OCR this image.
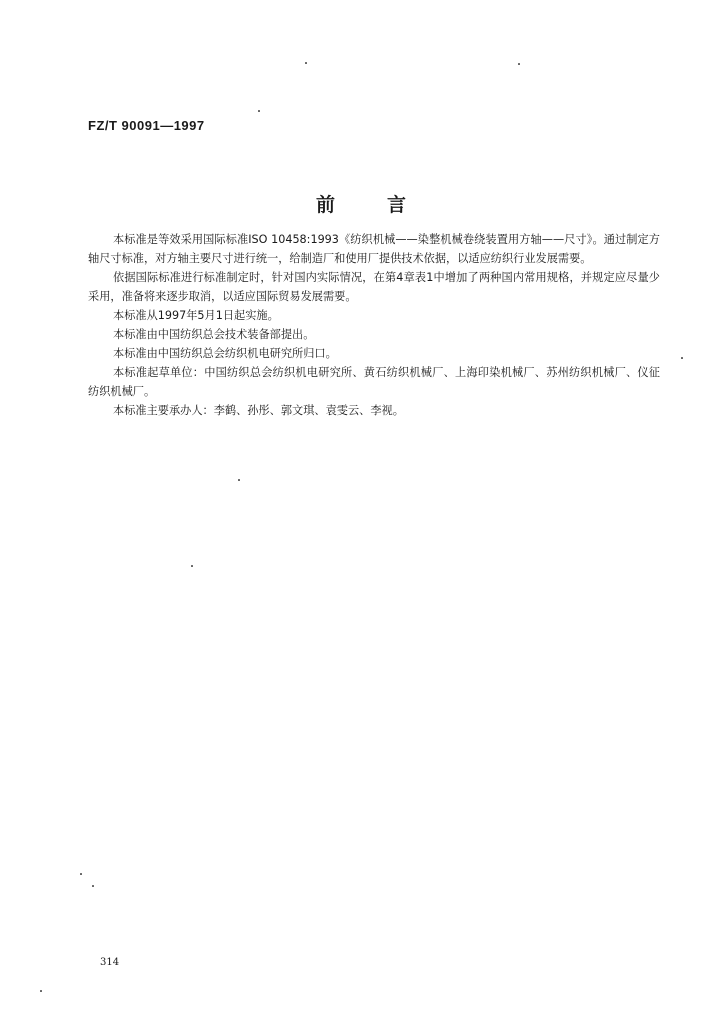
FZ/T 90091—1997
前	言

本标准是等效采用国际标准ISO 10458:1993《纺织机械——染整机械卷绕装置用方轴——尺寸》。通过制定方轴尺寸标准，对方轴主要尺寸进行统一，给制造厂和使用厂提供技术依据，以适应纺织行业发展需要。

依据国际标准进行标准制定时，针对国内实际情况，在第4章表1中增加了两种国内常用规格，并规定应尽量少采用，准备将来逐步取消，以适应国际贸易发展需要。

本标准从1997年5月1日起实施。

本标准由中国纺织总会技术装备部提出。

本标准由中国纺织总会纺织机电研究所归口。

本标准起草单位：中国纺织总会纺织机电研究所、黄石纺织机械厂、上海印染机械厂、苏州纺织机械厂、仪征纺织机械厂。

本标准主要承办人：李鹤、孙彤、郭文琪、袁雯云、李视。

314
